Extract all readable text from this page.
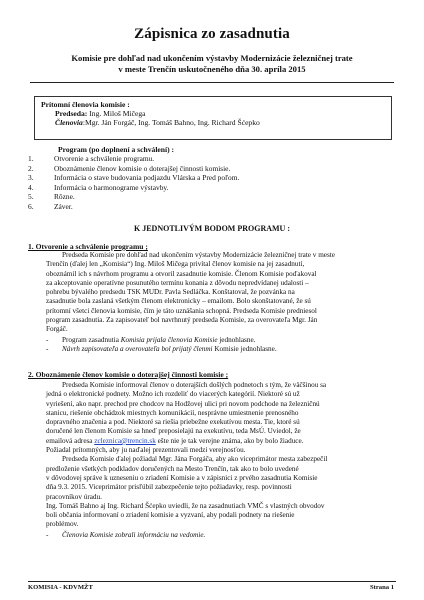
Zápisnica zo zasadnutia
Komisie pre dohľad nad ukončením výstavby Modernizácie železničnej trate
v meste Trenčín uskutočneného dňa 30. apríla 2015
Prítomní členovia komisie :
Predseda: Ing. Miloš Mičega
Členovia:Mgr. Ján Forgáč, Ing. Tomáš Bahno, Ing. Richard Šćepko
Program (po doplnení a schválení) :
1.	Otvorenie a schválenie programu.
2.	Oboznámenie členov komisie o doterajšej činnosti komisie.
3.	Informácia o stave budovania podjazdu Vlárska a Pred poľom.
4.	Informácia o harmonograme výstavby.
5.	Rôzne.
6.	Záver.
K JEDNOTLIVÝM BODOM PROGRAMU :
1. Otvorenie a schválenie programu ;
Predseda Komisie pre dohľad nad ukončením výstavby Modernizácie železničnej trate v meste
Trenčín (ďalej len „Komisia“) Ing. Miloš Mičega privítal členov komisie na jej zasadnutí,
oboznámil ich s návrhom programu a otvoril zasadnutie komisie. Členom Komisie poďakoval
za akceptovanie operatívne posunutého termínu konania z dôvodu nepredvídanej udalosti –
pohrebu bývalého predsedu TSK MUDr. Pavla Sedláčka. Konštatoval, že pozvánka na
zasadnutie bola zaslaná všetkým členom elektronicky – emailom. Bolo skonštatované, že sú
prítomní všetci členovia komisie, čím je táto uznášania schopná. Predseda Komisie predniesol
program zasadnutia. Za zapisovateľ bol navrhnutý predseda Komisie, za overovateľa Mgr. Ján
Forgáč.
- Program zasadnutia Komisia prijala členovia Komisie jednohlasne.
- Návrh zapisovateľa a overovateľa bol prijatý členmi Komisie jednohlasne.
2. Oboznámenie členov komisie o doterajšej činnosti komisie ;
Predseda Komisie informoval členov o doterajších došlých podnetoch s tým, že väčšinou sa
jedná o elektronické podnety. Možno ich rozdeliť do viacerých kategórií. Niektoré sú už
vyriešení, ako napr. prechod pre chodcov na Hodžovej ulici pri novom podchode na železničnú
stanicu, riešenie obchádzok miestnych komunikácií, nesprávne umiestnenie prenosného
dopravného značenia a pod. Niektoré sa riešia priebežne exekutívou mesta. Tie, ktoré sú
doručené len členom Komisie sa hneď preposielajú na exekutívu, teda MsÚ. Uviedol, že
emailová adresa zcleznica@trencin.sk ešte nie je tak verejne známa, ako by bolo žiaduce.
Požiadal prítomných, aby ju naďalej prezentovali medzi verejnosťou.
Predseda Komisie ďalej požiadal Mgr. Jána Forgáča, aby ako viceprimátor mesta zabezpečil
predloženie všetkých podkladov doručených na Mesto Trenčín, tak ako to bolo uvedené
v dôvodovej správe k uzneseniu o zriadení Komisie a v zápisnici z prvého zasadnutia Komisie
dňa 9.3. 2015. Viceprimátor prisľúbil zabezpečenie tejto požiadavky, resp. povinnosti
pracovníkov úradu.
Ing. Tomáš Bahno aj Ing. Richard Šćepko uviedli, že na zasadnutiach VMČ s vlastných obvodov
boli občania informovaní o zriadení komisie a vyzvaní, aby podali podnety na riešenie
problémov.
- Členovia Komisie zobrali informáciu na vedomie.
KOMISIA - KDVMŽT	Strana 1
